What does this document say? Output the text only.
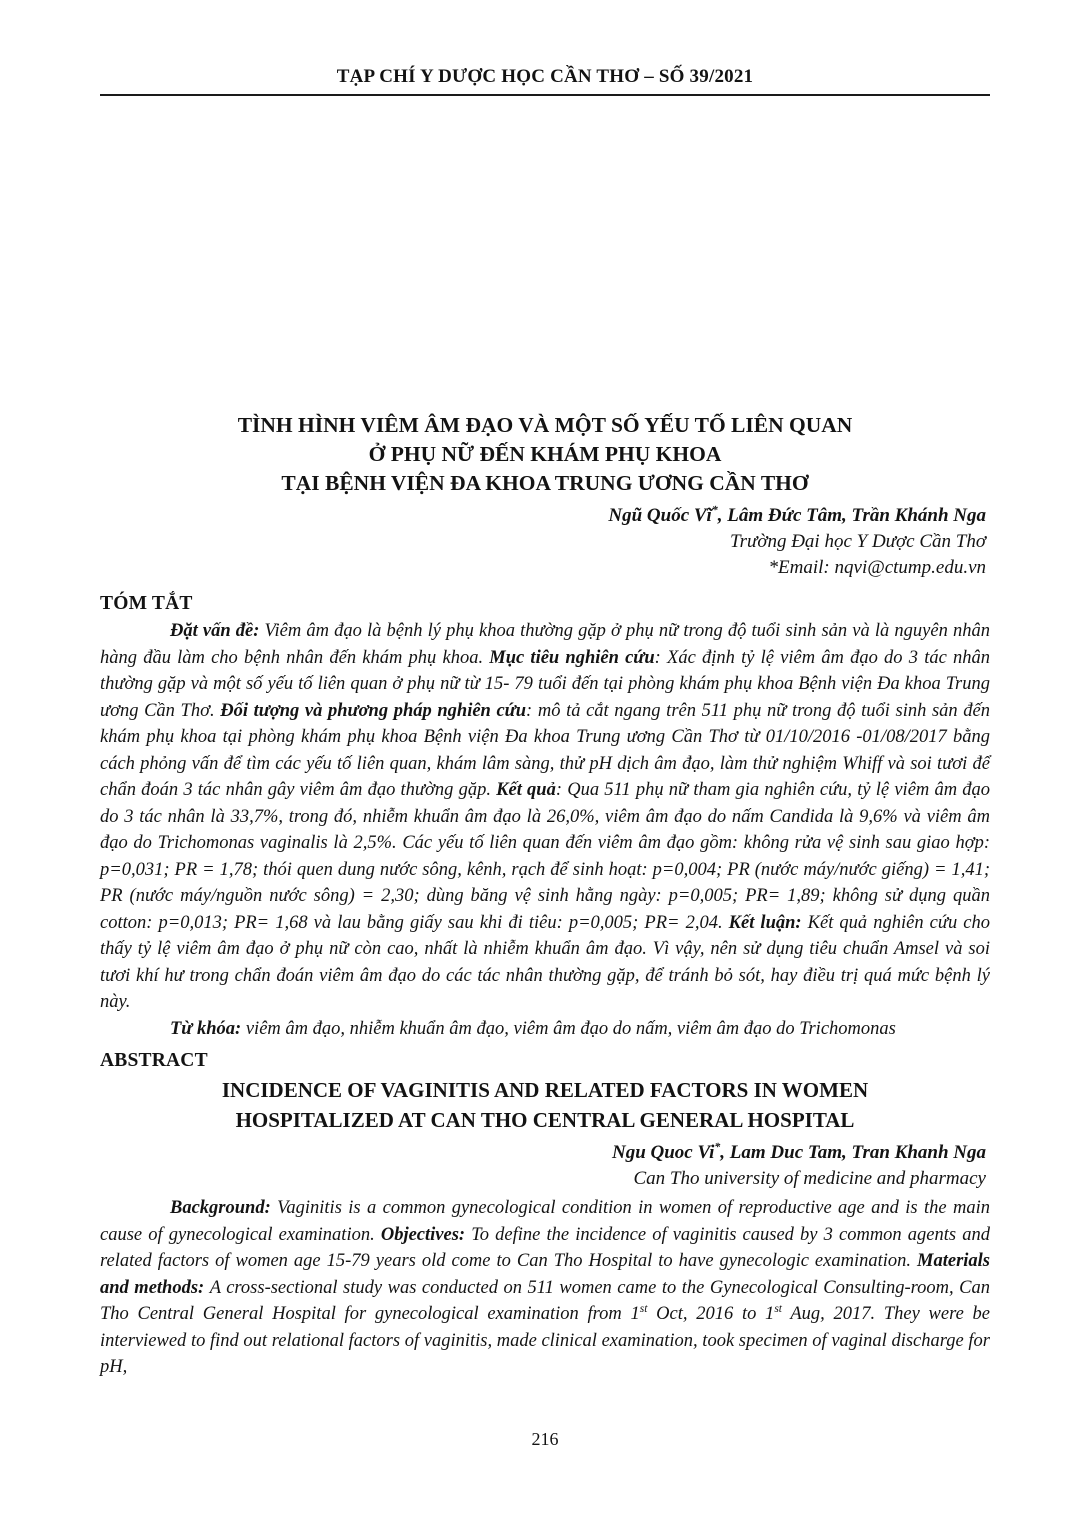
TẠP CHÍ Y DƯỢC HỌC CẦN THƠ – SỐ 39/2021
TÌNH HÌNH VIÊM ÂM ĐẠO VÀ MỘT SỐ YẾU TỐ LIÊN QUAN
Ở PHỤ NỮ ĐẾN KHÁM PHỤ KHOA
TẠI BỆNH VIỆN ĐA KHOA TRUNG ƯƠNG CẦN THƠ
Ngũ Quốc Vĩ*, Lâm Đức Tâm, Trần Khánh Nga
Trường Đại học Y Dược Cần Thơ
*Email: nqvi@ctump.edu.vn
TÓM TẮT

Đặt vấn đề: Viêm âm đạo là bệnh lý phụ khoa thường gặp ở phụ nữ trong độ tuổi sinh sản và là nguyên nhân hàng đầu làm cho bệnh nhân đến khám phụ khoa. Mục tiêu nghiên cứu: Xác định tỷ lệ viêm âm đạo do 3 tác nhân thường gặp và một số yếu tố liên quan ở phụ nữ từ 15- 79 tuổi đến tại phòng khám phụ khoa Bệnh viện Đa khoa Trung ương Cần Thơ. Đối tượng và phương pháp nghiên cứu: mô tả cắt ngang trên 511 phụ nữ trong độ tuổi sinh sản đến khám phụ khoa tại phòng khám phụ khoa Bệnh viện Đa khoa Trung ương Cần Thơ từ 01/10/2016 -01/08/2017 bằng cách phỏng vấn để tìm các yếu tố liên quan, khám lâm sàng, thử pH dịch âm đạo, làm thử nghiệm Whiff và soi tươi để chẩn đoán 3 tác nhân gây viêm âm đạo thường gặp. Kết quả: Qua 511 phụ nữ tham gia nghiên cứu, tỷ lệ viêm âm đạo do 3 tác nhân là 33,7%, trong đó, nhiễm khuẩn âm đạo là 26,0%, viêm âm đạo do nấm Candida là 9,6% và viêm âm đạo do Trichomonas vaginalis là 2,5%. Các yếu tố liên quan đến viêm âm đạo gồm: không rửa vệ sinh sau giao hợp: p=0,031; PR = 1,78; thói quen dung nước sông, kênh, rạch để sinh hoạt: p=0,004; PR (nước máy/nước giếng) = 1,41; PR (nước máy/nguồn nước sông) = 2,30; dùng băng vệ sinh hằng ngày: p=0,005; PR= 1,89; không sử dụng quần cotton: p=0,013; PR= 1,68 và lau bằng giấy sau khi đi tiêu: p=0,005; PR= 2,04. Kết luận: Kết quả nghiên cứu cho thấy tỷ lệ viêm âm đạo ở phụ nữ còn cao, nhất là nhiễm khuẩn âm đạo. Vì vậy, nên sử dụng tiêu chuẩn Amsel và soi tươi khí hư trong chẩn đoán viêm âm đạo do các tác nhân thường gặp, để tránh bỏ sót, hay điều trị quá mức bệnh lý này.

Từ khóa: viêm âm đạo, nhiễm khuẩn âm đạo, viêm âm đạo do nấm, viêm âm đạo do Trichomonas

ABSTRACT
INCIDENCE OF VAGINITIS AND RELATED FACTORS IN WOMEN
HOSPITALIZED AT CAN THO CENTRAL GENERAL HOSPITAL
Ngu Quoc Vi*, Lam Duc Tam, Tran Khanh Nga
Can Tho university of medicine and pharmacy

Background: Vaginitis is a common gynecological condition in women of reproductive age and is the main cause of gynecological examination. Objectives: To define the incidence of vaginitis caused by 3 common agents and related factors of women age 15-79 years old come to Can Tho Hospital to have gynecologic examination. Materials and methods: A cross-sectional study was conducted on 511 women came to the Gynecological Consulting-room, Can Tho Central General Hospital for gynecological examination from 1st Oct, 2016 to 1st Aug, 2017. They were be interviewed to find out relational factors of vaginitis, made clinical examination, took specimen of vaginal discharge for pH,

216
